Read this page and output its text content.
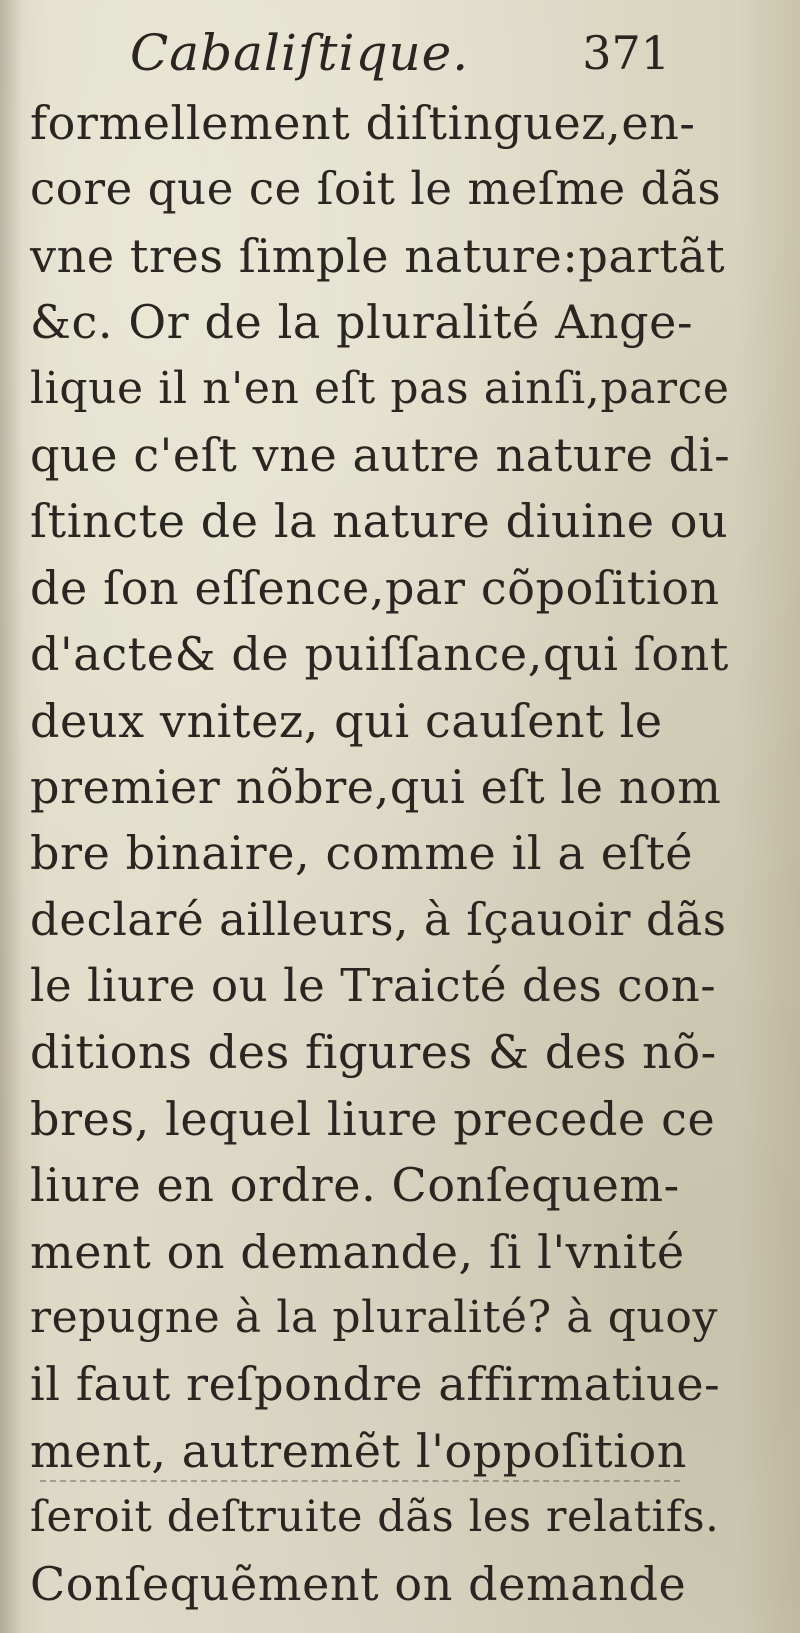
Cabaliſtique. 371
formellement diſtinguez,en-
core que ce ſoit le meſme dãs
vne tres ſimple nature:partãt
&c. Or de la pluralité Ange-
lique il n'en eſt pas ainſi,parce
que c'eſt vne autre nature di-
ſtincte de la nature diuine ou
de ſon eſſence,par cõpoſition
d'acte& de puiſſance,qui ſont
deux vnitez, qui cauſent le
premier nõbre,qui eſt le nom
bre binaire, comme il a eſté
declaré ailleurs, à ſçauoir dãs
le liure ou le Traicté des con-
ditions des figures & des nõ-
bres, lequel liure precede ce
liure en ordre. Conſequem-
ment on demande, ſi l'vnité
repugne à la pluralité? à quoy
il faut reſpondre affirmatiue-
ment, autremẽt l'oppoſition
ſeroit deſtruite dãs les relatifs.
Conſequẽment on demande
